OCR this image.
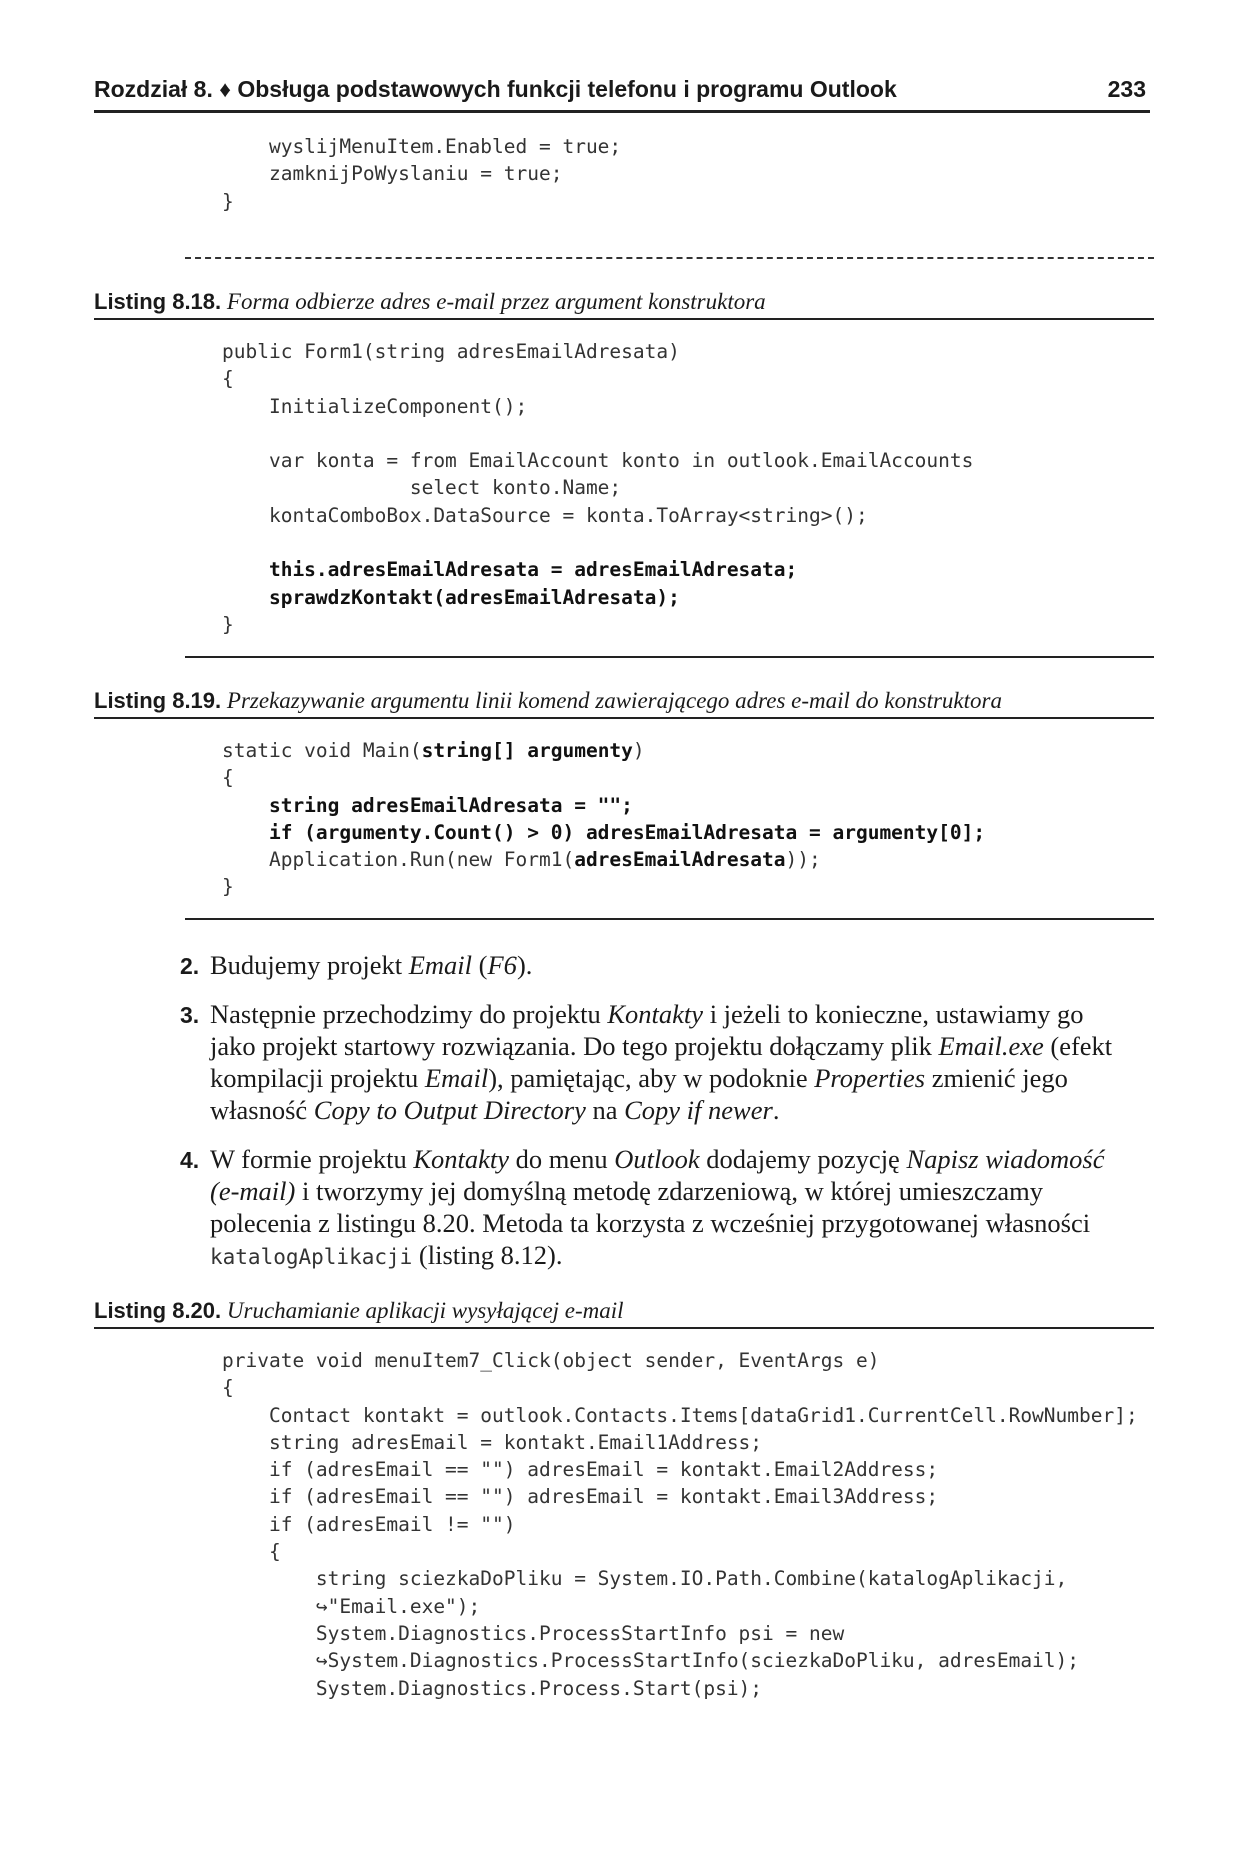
Rozdział 8. ♦ Obsługa podstawowych funkcji telefonu i programu Outlook	233
wyslijMenuItem.Enabled = true;
zamknijPoWyslaniu = true;
}
Listing 8.18. Forma odbierze adres e-mail przez argument konstruktora
public Form1(string adresEmailAdresata)
{
InitializeComponent();

var konta = from EmailAccount konto in outlook.EmailAccounts
select konto.Name;
kontaComboBox.DataSource = konta.ToArray<string>();

this.adresEmailAdresata = adresEmailAdresata;
sprawdzKontakt(adresEmailAdresata);
}
Listing 8.19. Przekazywanie argumentu linii komend zawierającego adres e-mail do konstruktora
static void Main(string[] argumenty)
{
string adresEmailAdresata = "";
if (argumenty.Count() > 0) adresEmailAdresata = argumenty[0];
Application.Run(new Form1(adresEmailAdresata));
}
2. Budujemy projekt Email (F6).
3. Następnie przechodzimy do projektu Kontakty i jeżeli to konieczne, ustawiamy go jako projekt startowy rozwiązania. Do tego projektu dołączamy plik Email.exe (efekt kompilacji projektu Email), pamiętając, aby w podoknie Properties zmienić jego własność Copy to Output Directory na Copy if newer.
4. W formie projektu Kontakty do menu Outlook dodajemy pozycję Napisz wiadomość (e-mail) i tworzymy jej domyślną metodę zdarzeniową, w której umieszczamy polecenia z listingu 8.20. Metoda ta korzysta z wcześniej przygotowanej własności katalogAplikacji (listing 8.12).
Listing 8.20. Uruchamianie aplikacji wysyłającej e-mail
private void menuItem7_Click(object sender, EventArgs e)
{
Contact kontakt = outlook.Contacts.Items[dataGrid1.CurrentCell.RowNumber];
string adresEmail = kontakt.Email1Address;
if (adresEmail == "") adresEmail = kontakt.Email2Address;
if (adresEmail == "") adresEmail = kontakt.Email3Address;
if (adresEmail != "")
{
string sciezkaDoPliku = System.IO.Path.Combine(katalogAplikacji,
↪"Email.exe");
System.Diagnostics.ProcessStartInfo psi = new
↪System.Diagnostics.ProcessStartInfo(sciezkaDoPliku, adresEmail);
System.Diagnostics.Process.Start(psi);
